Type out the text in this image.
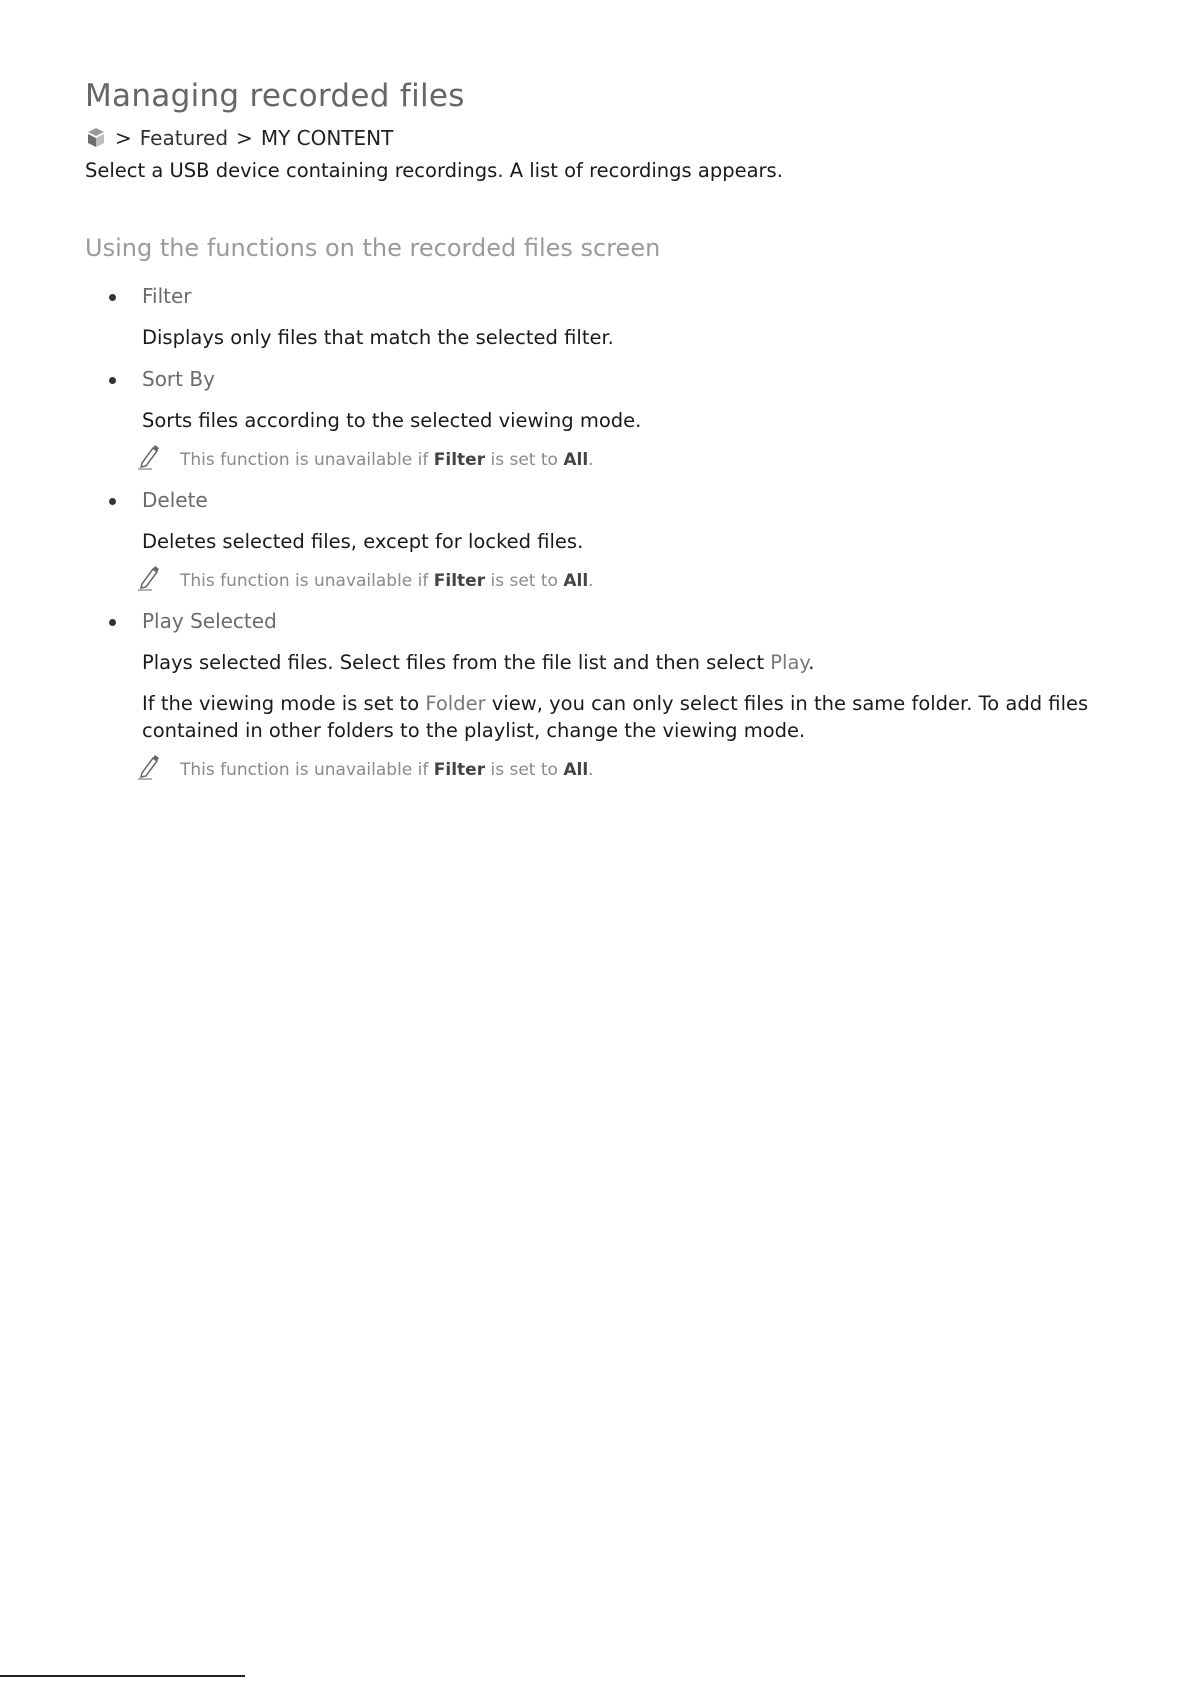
Managing recorded files
> Featured > MY CONTENT

Select a USB device containing recordings. A list of recordings appears.

Using the functions on the recorded files screen
Filter

Displays only files that match the selected filter.

Sort By

Sorts files according to the selected viewing mode.

This function is unavailable if Filter is set to All.
Delete

Deletes selected files, except for locked files.

This function is unavailable if Filter is set to All.
Play Selected

Plays selected files. Select files from the file list and then select Play.

If the viewing mode is set to Folder view, you can only select files in the same folder. To add files contained in other folders to the playlist, change the viewing mode.

This function is unavailable if Filter is set to All.
